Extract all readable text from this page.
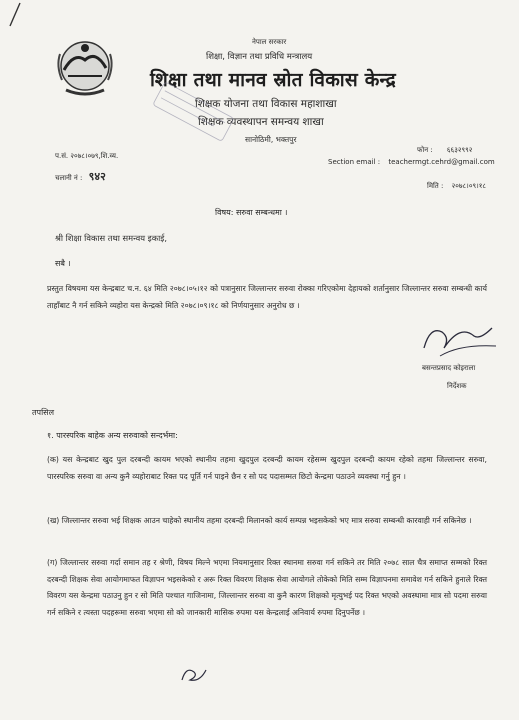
नेपाल सरकार
शिक्षा, विज्ञान तथा प्रविधि मन्त्रालय
शिक्षा तथा मानव स्रोत विकास केन्द्र
शिक्षक योजना तथा विकास महाशाखा
शिक्षक व्यवस्थापन समन्वय शाखा
सानोठिमी, भक्तपुर
प.सं. २०७८।०७९,शि.व्य.
चलानी नं : ९४२
फोन : ६६३२९९२
Section email : teachermgt.cehrd@gmail.com
मिति : २०७८।०९।१८
विषय: सरुवा सम्बन्धमा ।
श्री शिक्षा विकास तथा समन्वय इकाई,
सबै ।
प्रस्तुत विषयमा यस केन्द्रबाट च.न. ६४ मिति २०७८।०५।१२ को पत्रानुसार जिल्लान्तर सरुवा रोक्का गरिएकोमा देहायको शर्तानुसार जिल्लान्तर सरुवा सम्बन्धी कार्य ताहाँबाट नै गर्न सकिने व्यहोरा यस केन्द्रको मिति २०७८।०९।१८ को निर्णयानुसार अनुरोध छ ।
बसन्तप्रसाद कोइराला
निर्देशक
तपसिल
१. पारस्परिक बाहेक अन्य सरुवाको सन्दर्भमा:
(क) यस केन्द्रबाट खुद पुल दरबन्दी कायम भएको स्थानीय तहमा खुदपुल दरबन्दी कायम रहेसम्म खुदपुल दरबन्दी कायम रहेको तहमा जिल्लान्तर सरुवा, पारस्परिक सरुवा वा अन्य कुनै व्यहोराबाट रिक्त पद पूर्ति गर्न पाइने छैन र सो पद पदासम्मत छिटो केन्द्रमा पठाउने व्यवस्था गर्नु हुन ।
(ख) जिल्लान्तर सरुवा भई शिक्षक आउन चाहेको स्थानीय तहमा दरबन्दी मिलानको कार्य सम्पन्न भइसकेको भए मात्र सरुवा सम्बन्धी कारवाही गर्न सकिनेछ ।
(ग) जिल्लान्तर सरुवा गर्दा समान तह र श्रेणी, विषय मिल्ने भएमा नियमानुसार रिक्त स्थानमा सरुवा गर्न सकिने तर मिति २०७८ साल चैत्र समाप्त सम्मको रिक्त दरबन्दी शिक्षक सेवा आयोगमाफत विज्ञापन भइसकेको र अरू रिक्त विवरण शिक्षक सेवा आयोगले तोकेको मिति सम्म विज्ञापनमा समावेश गर्न सकिने हुनाले रिक्त विवरण यस केन्द्रमा पठाउनु हुन र सो मिति पश्चात गाजिनामा, जिल्लान्तर सरुवा वा कुनै कारण शिक्षको मृत्युभई पद रिक्त भएको अवस्थामा मात्र सो पदमा सरुवा गर्न सकिने र त्यस्ता पदहरूमा सरुवा भएमा सो को जानकारी मासिक रुपमा यस केन्द्रलाई अनिवार्य रुपमा दिनुपर्नेछ ।
